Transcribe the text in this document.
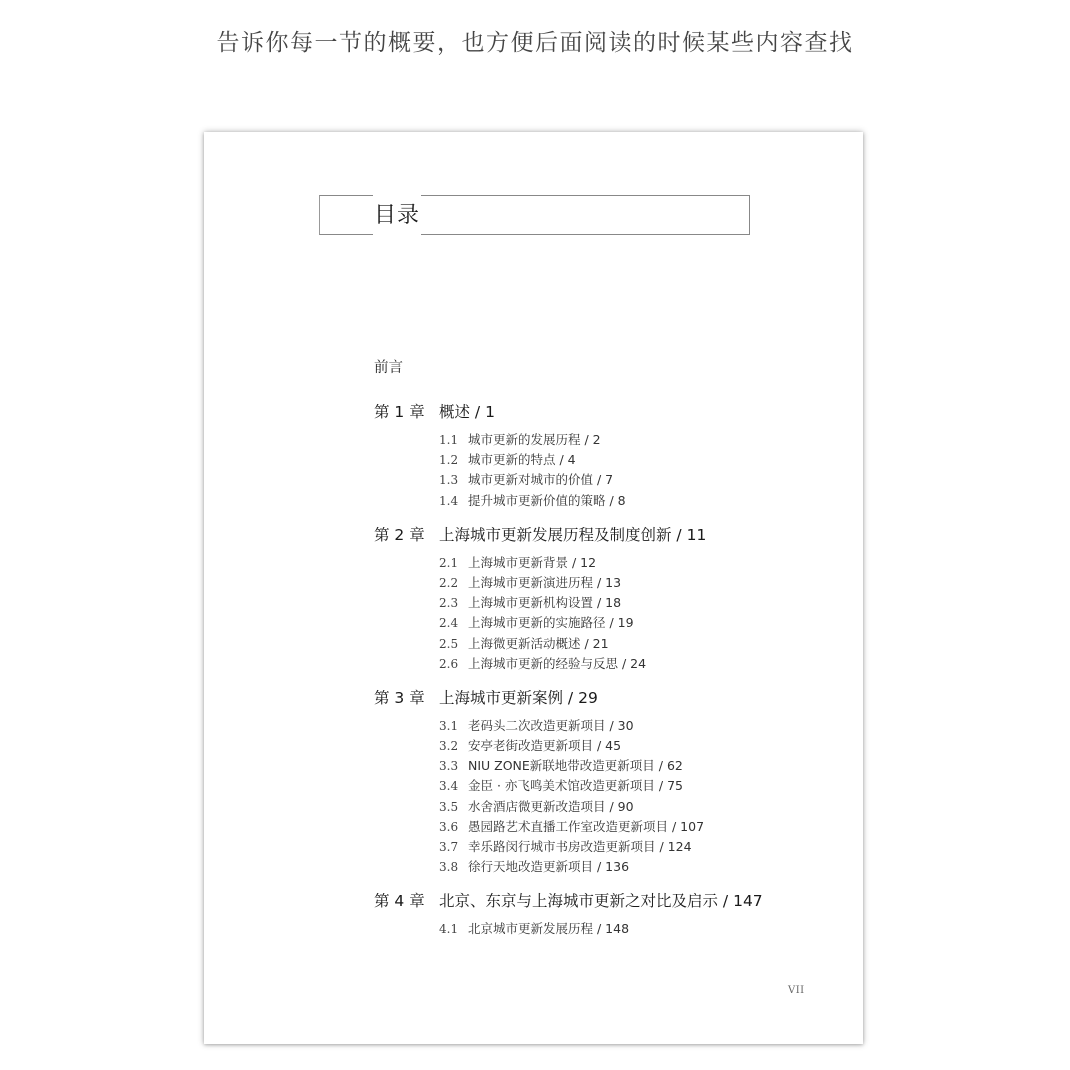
告诉你每一节的概要，也方便后面阅读的时候某些内容查找
目录
前言
第 1 章 概述 / 1
1.1 城市更新的发展历程 / 2
1.2 城市更新的特点 / 4
1.3 城市更新对城市的价值 / 7
1.4 提升城市更新价值的策略 / 8
第 2 章 上海城市更新发展历程及制度创新 / 11
2.1 上海城市更新背景 / 12
2.2 上海城市更新演进历程 / 13
2.3 上海城市更新机构设置 / 18
2.4 上海城市更新的实施路径 / 19
2.5 上海微更新活动概述 / 21
2.6 上海城市更新的经验与反思 / 24
第 3 章 上海城市更新案例 / 29
3.1 老码头二次改造更新项目 / 30
3.2 安亭老街改造更新项目 / 45
3.3 NIU ZONE新联地带改造更新项目 / 62
3.4 金臣 · 亦飞鸣美术馆改造更新项目 / 75
3.5 水舍酒店微更新改造项目 / 90
3.6 愚园路艺术直播工作室改造更新项目 / 107
3.7 幸乐路闵行城市书房改造更新项目 / 124
3.8 徐行天地改造更新项目 / 136
第 4 章 北京、东京与上海城市更新之对比及启示 / 147
4.1 北京城市更新发展历程 / 148
VII
